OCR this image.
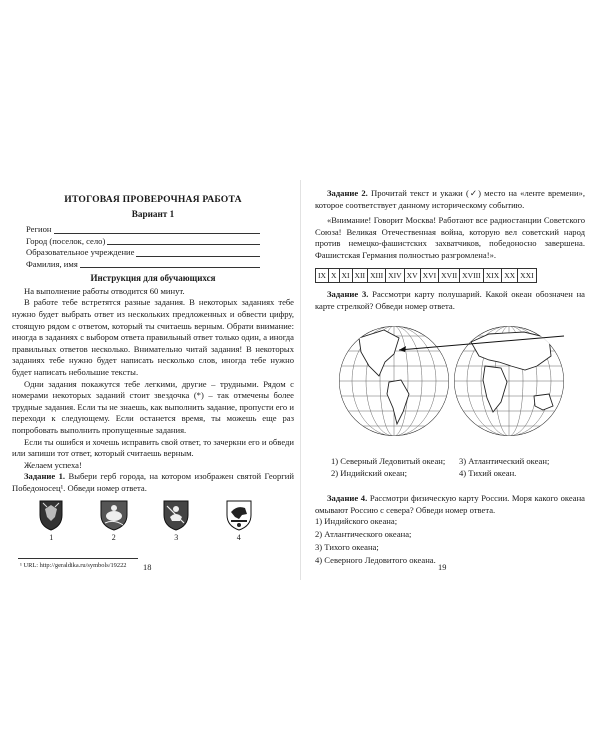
ИТОГОВАЯ ПРОВЕРОЧНАЯ РАБОТА
Вариант 1
Регион
Город (поселок, село)
Образовательное учреждение
Фамилия, имя
Инструкция для обучающихся

На выполнение работы отводится 60 минут.

В работе тебе встретятся разные задания. В некоторых заданиях тебе нужно будет выбрать ответ из нескольких предложенных и обвести цифру, стоящую рядом с ответом, который ты считаешь верным. Обрати внимание: иногда в заданиях с выбором ответа правильный ответ только один, а иногда правильных ответов несколько. Внимательно читай задания! В некоторых заданиях тебе нужно будет написать несколько слов, иногда тебе нужно будет написать небольшие тексты.

Одни задания покажутся тебе легкими, другие – трудными. Рядом с номерами некоторых заданий стоит звездочка (*) – так отмечены более трудные задания. Если ты не знаешь, как выполнить задание, пропусти его и переходи к следующему. Если останется время, ты можешь еще раз попробовать выполнить пропущенные задания.

Если ты ошибся и хочешь исправить свой ответ, то зачеркни его и обведи или запиши тот ответ, который считаешь верным.

Желаем успеха!

Задание 1. Выбери герб города, на котором изображен святой Георгий Победоносец¹. Обведи номер ответа.

1	2	3	4
¹ URL: http://geraldika.ru/symbols/19222	18

Задание 2. Прочитай текст и укажи (✓) место на «ленте времени», которое соответствует данному историческому событию.

«Внимание! Говорит Москва! Работают все радиостанции Советского Союза! Великая Отечественная война, которую вел советский народ против немецко-фашистских захватчиков, победоносно завершена. Фашистская Германия полностью разгромлена!».

IX	X	XI	XII	XIII	XIV	XV	XVI	XVII	XVIII	XIX	XX	XXI

Задание 3. Рассмотри карту полушарий. Какой океан обозначен на карте стрелкой? Обведи номер ответа.

1) Северный Ледовитый океан;	3) Атлантический океан;
2) Индийский океан;	4) Тихий океан.

Задание 4. Рассмотри физическую карту России. Моря какого океана омывают Россию с севера? Обведи номер ответа.

1) Индийского океана;
2) Атлантического океана;
3) Тихого океана;
4) Северного Ледовитого океана.
19
